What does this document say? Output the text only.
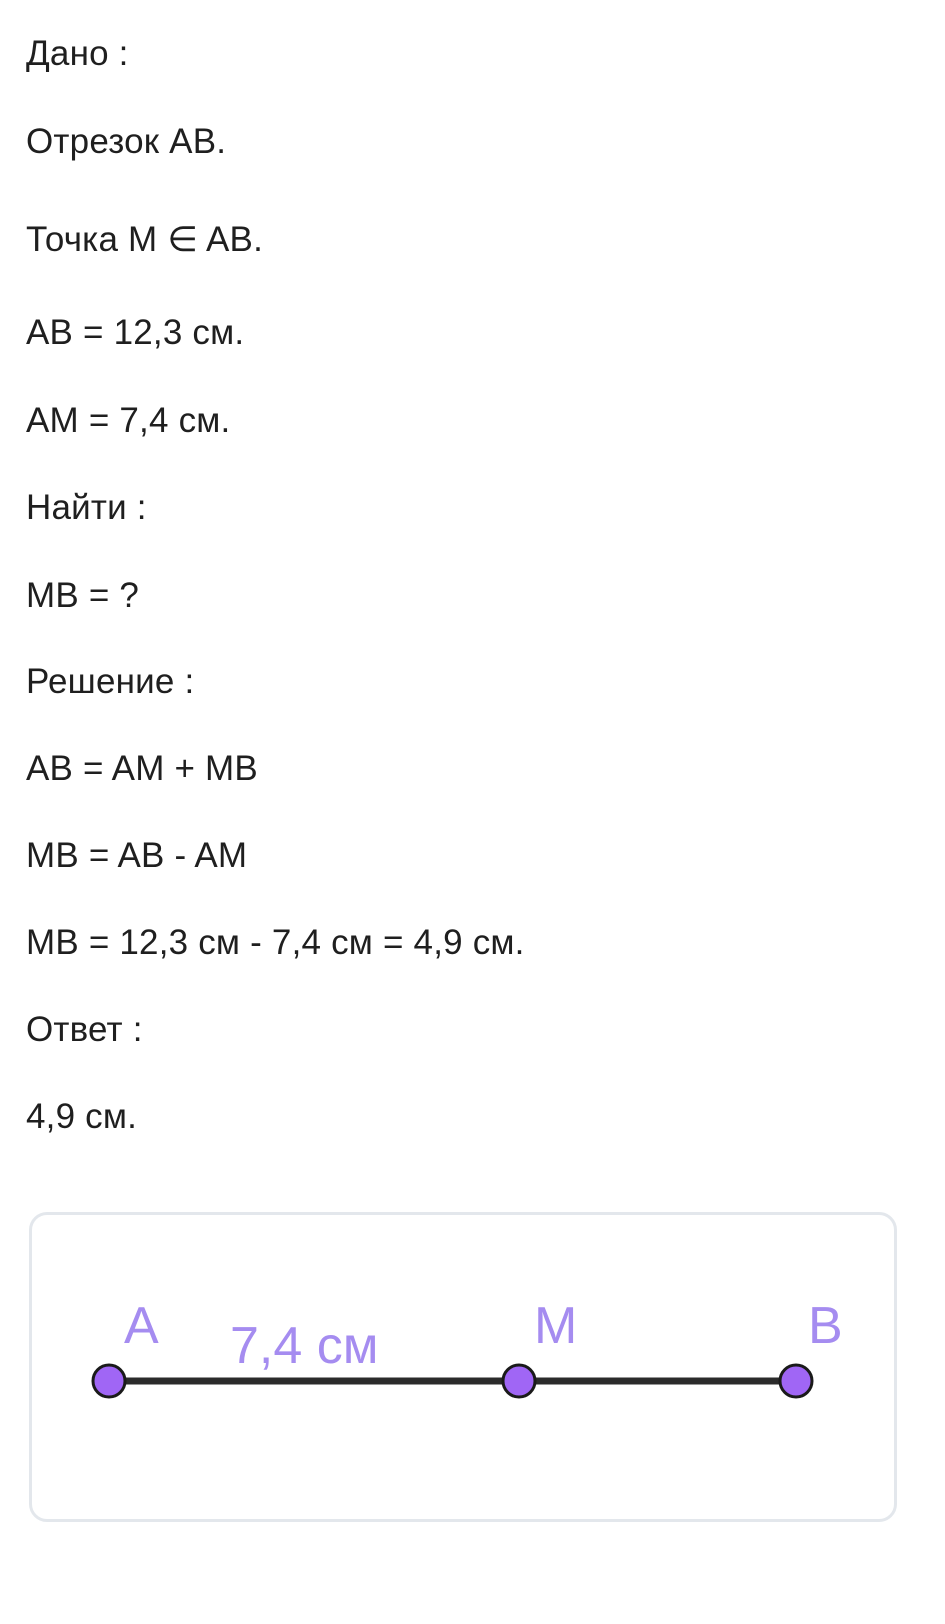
Дано :

Отрезок AB.

Точка M ∈ AB.

AB = 12,3 см.

AM = 7,4 см.

Найти :

MB = ?

Решение :

AB = AM + MB

MB = AB - AM

MB = 12,3 см - 7,4 см = 4,9 см.

Ответ :

4,9 см.

A 7,4 см	M	B
